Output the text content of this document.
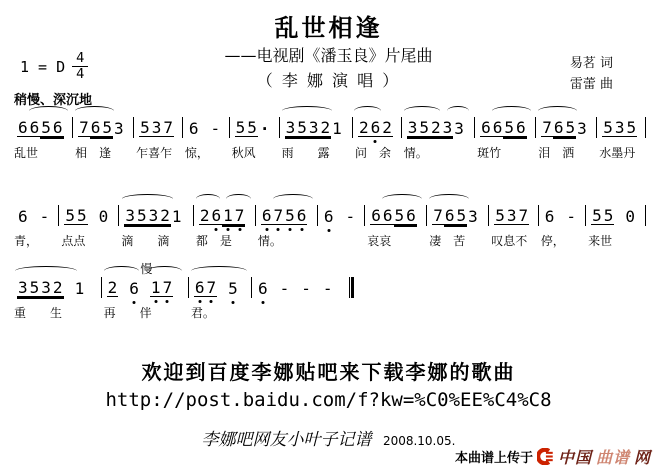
乱世相逢
——电视剧《潘玉良》片尾曲
（ 李 娜 演 唱 ）
易茗 词
雷蕾 曲
1 = D $\frac{4}{4}$
稍慢、深沉地
6 6 5 6
乱世
7 6 5 3
相　逢
5 3 7
乍喜乍
6 -
惊，
5 5 ·
秋风
3 5 3 2 1
雨　　露
2 6 2
问　余
3 5 2 3 3
情。
6 6 5 6
斑竹
7 6 5 3
泪　洒
5 3 5
水墨丹
6 -
青，
5 5 0
点点
3 5 3 2 1
滴　　滴
2 6 1 7
都　是
6 7 5 6
情。
6 - 6 6 5 6
哀哀
7 6 5 3
凄　苦
5 3 7
叹息不
6 -
停，
5 5 0
来世
3 5 3 2 1
重　　生
慢
2 6 1 7
再　　伴
6 7 5
君。
6 - - -
欢迎到百度李娜贴吧来下载李娜的歌曲
http://post.baidu.com/f?kw=%C0%EE%C4%C8
李娜吧网友小叶子记谱 2008.10.05.
本曲谱上传于 中国 曲谱 网
